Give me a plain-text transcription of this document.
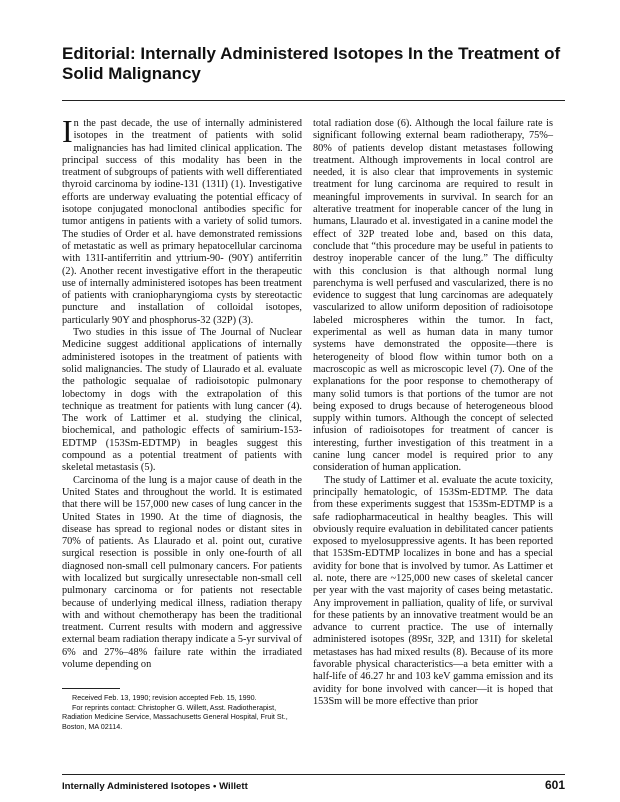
Editorial: Internally Administered Isotopes In the Treatment of Solid Malignancy

In the past decade, the use of internally administered isotopes in the treatment of patients with solid malignancies has had limited clinical application. The principal success of this modality has been in the treatment of subgroups of patients with well differentiated thyroid carcinoma by iodine-131 (131I) (1). Investigative efforts are underway evaluating the potential efficacy of isotope conjugated monoclonal antibodies specific for tumor antigens in patients with a variety of solid tumors. The studies of Order et al. have demonstrated remissions of metastatic as well as primary hepatocellular carcinoma with 131I-antiferritin and yttrium-90- (90Y) antiferritin (2). Another recent investigative effort in the therapeutic use of internally administered isotopes has been treatment of patients with craniopharyngioma cysts by stereotactic puncture and installation of colloidal isotopes, particularly 90Y and phosphorus-32 (32P) (3).

Two studies in this issue of The Journal of Nuclear Medicine suggest additional applications of internally administered isotopes in the treatment of patients with solid malignancies. The study of Llaurado et al. evaluate the pathologic sequalae of radioisotopic pulmonary lobectomy in dogs with the extrapolation of this technique as treatment for patients with lung cancer (4). The work of Lattimer et al. studying the clinical, biochemical, and pathologic effects of samirium-153-EDTMP (153Sm-EDTMP) in beagles suggest this compound as a potential treatment of patients with skeletal metastasis (5).

Carcinoma of the lung is a major cause of death in the United States and throughout the world. It is estimated that there will be 157,000 new cases of lung cancer in the United States in 1990. At the time of diagnosis, the disease has spread to regional nodes or distant sites in 70% of patients. As Llaurado et al. point out, curative surgical resection is possible in only one-fourth of all diagnosed non-small cell pulmonary cancers. For patients with localized but surgically unresectable non-small cell pulmonary carcinoma or for patients not resectable because of underlying medical illness, radiation therapy with and without chemotherapy has been the traditional treatment. Current results with modern and aggressive external beam radiation therapy indicate a 5-yr survival of 6% and 27%–48% failure rate within the irradiated volume depending on

total radiation dose (6). Although the local failure rate is significant following external beam radiotherapy, 75%–80% of patients develop distant metastases following treatment. Although improvements in local control are needed, it is also clear that improvements in systemic treatment for lung carcinoma are required to result in meaningful improvements in survival. In search for an alterative treatment for inoperable cancer of the lung in humans, Llaurado et al. investigated in a canine model the effect of 32P treated lobe and, based on this data, conclude that “this procedure may be useful in patients to destroy inoperable cancer of the lung.” The difficulty with this conclusion is that although normal lung parenchyma is well perfused and vascularized, there is no evidence to suggest that lung carcinomas are adequately vascularized to allow uniform deposition of radioisotope labeled microspheres within the tumor. In fact, experimental as well as human data in many tumor systems have demonstrated the opposite—there is heterogeneity of blood flow within tumor both on a macroscopic as well as microscopic level (7). One of the explanations for the poor response to chemotherapy of many solid tumors is that portions of the tumor are not being exposed to drugs because of heterogeneous blood supply within tumors. Although the concept of selected infusion of radioisotopes for treatment of cancer is interesting, further investigation of this treatment in a canine lung cancer model is required prior to any consideration of human application.

The study of Lattimer et al. evaluate the acute toxicity, principally hematologic, of 153Sm-EDTMP. The data from these experiments suggest that 153Sm-EDTMP is a safe radiopharmaceutical in healthy beagles. This will obviously require evaluation in debilitated cancer patients exposed to myelosuppressive agents. It has been reported that 153Sm-EDTMP localizes in bone and has a special avidity for bone that is involved by tumor. As Lattimer et al. note, there are ~125,000 new cases of skeletal cancer per year with the vast majority of cases being metastatic. Any improvement in palliation, quality of life, or survival for these patients by an innovative treatment would be an advance to current practice. The use of internally administered isotopes (89Sr, 32P, and 131I) for skeletal metastases has had mixed results (8). Because of its more favorable physical characteristics—a beta emitter with a half-life of 46.27 hr and 103 keV gamma emission and its avidity for bone involved with cancer—it is hoped that 153Sm will be more effective than prior

Received Feb. 13, 1990; revision accepted Feb. 15, 1990.

For reprints contact: Christopher G. Willett, Asst. Radiotherapist, Radiation Medicine Service, Massachusetts General Hospital, Fruit St., Boston, MA 02114.

Internally Administered Isotopes • Willett	601
